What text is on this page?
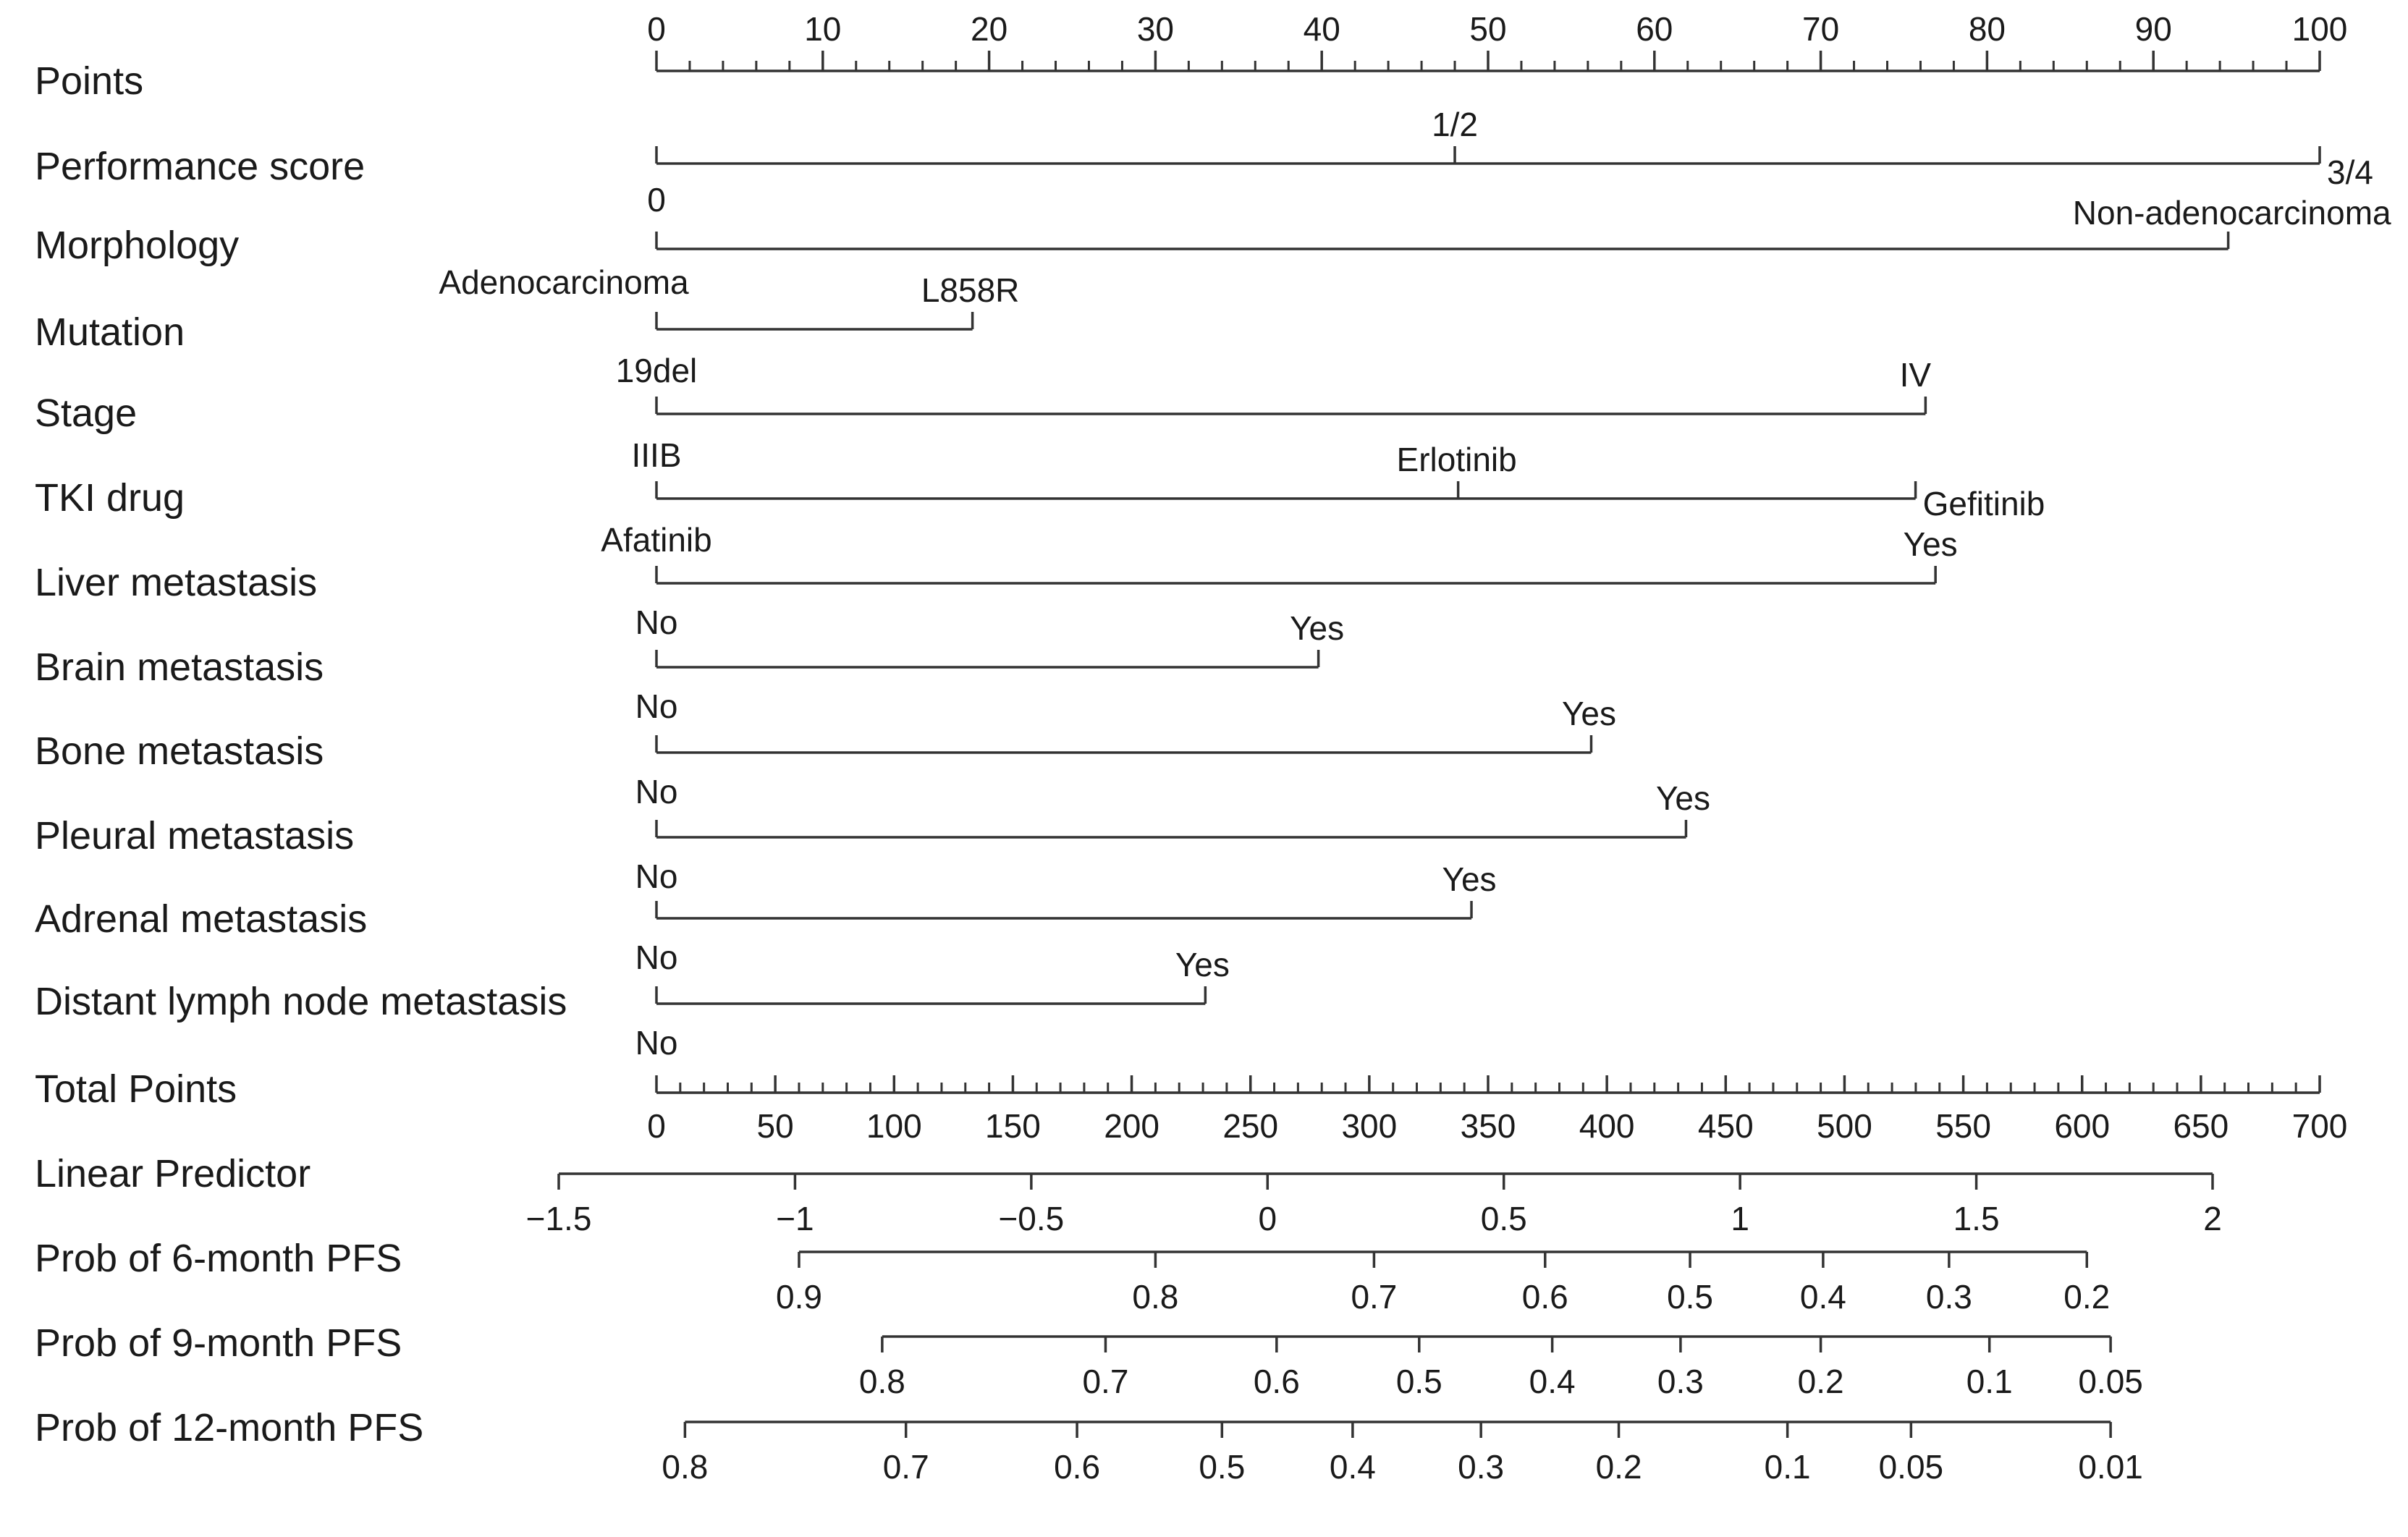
Points
Performance score
Morphology
Mutation
Stage
TKI drug
Liver metastasis
Brain metastasis
Bone metastasis
Pleural metastasis
Adrenal metastasis
Distant lymph node metastasis
Total Points
Linear Predictor
Prob of 6-month PFS
Prob of 9-month PFS
Prob of 12-month PFS
0	10	20	30	40	50	60	70	80	90	100
0
1/2
3/4
Adenocarcinoma
Non-adenocarcinoma
19del
L858R
IIIB
IV
Afatinib
Erlotinib
Gefitinib
No
Yes
No
Yes
No
Yes
No
Yes
No
Yes
No
Yes
0	50 100 150 200 250 300 350 400 450 500 550 600 650 700
−1.5	−1	−0.5	0	0.5	1	1.5	2
0.9	0.8	0.7	0.6	0.5	0.4 0.3	0.2
0.8	0.7	0.6	0.5	0.4 0.3	0.2	0.1 0.05
0.8	0.7	0.6	0.5	0.4 0.3	0.2	0.1 0.05	0.01
